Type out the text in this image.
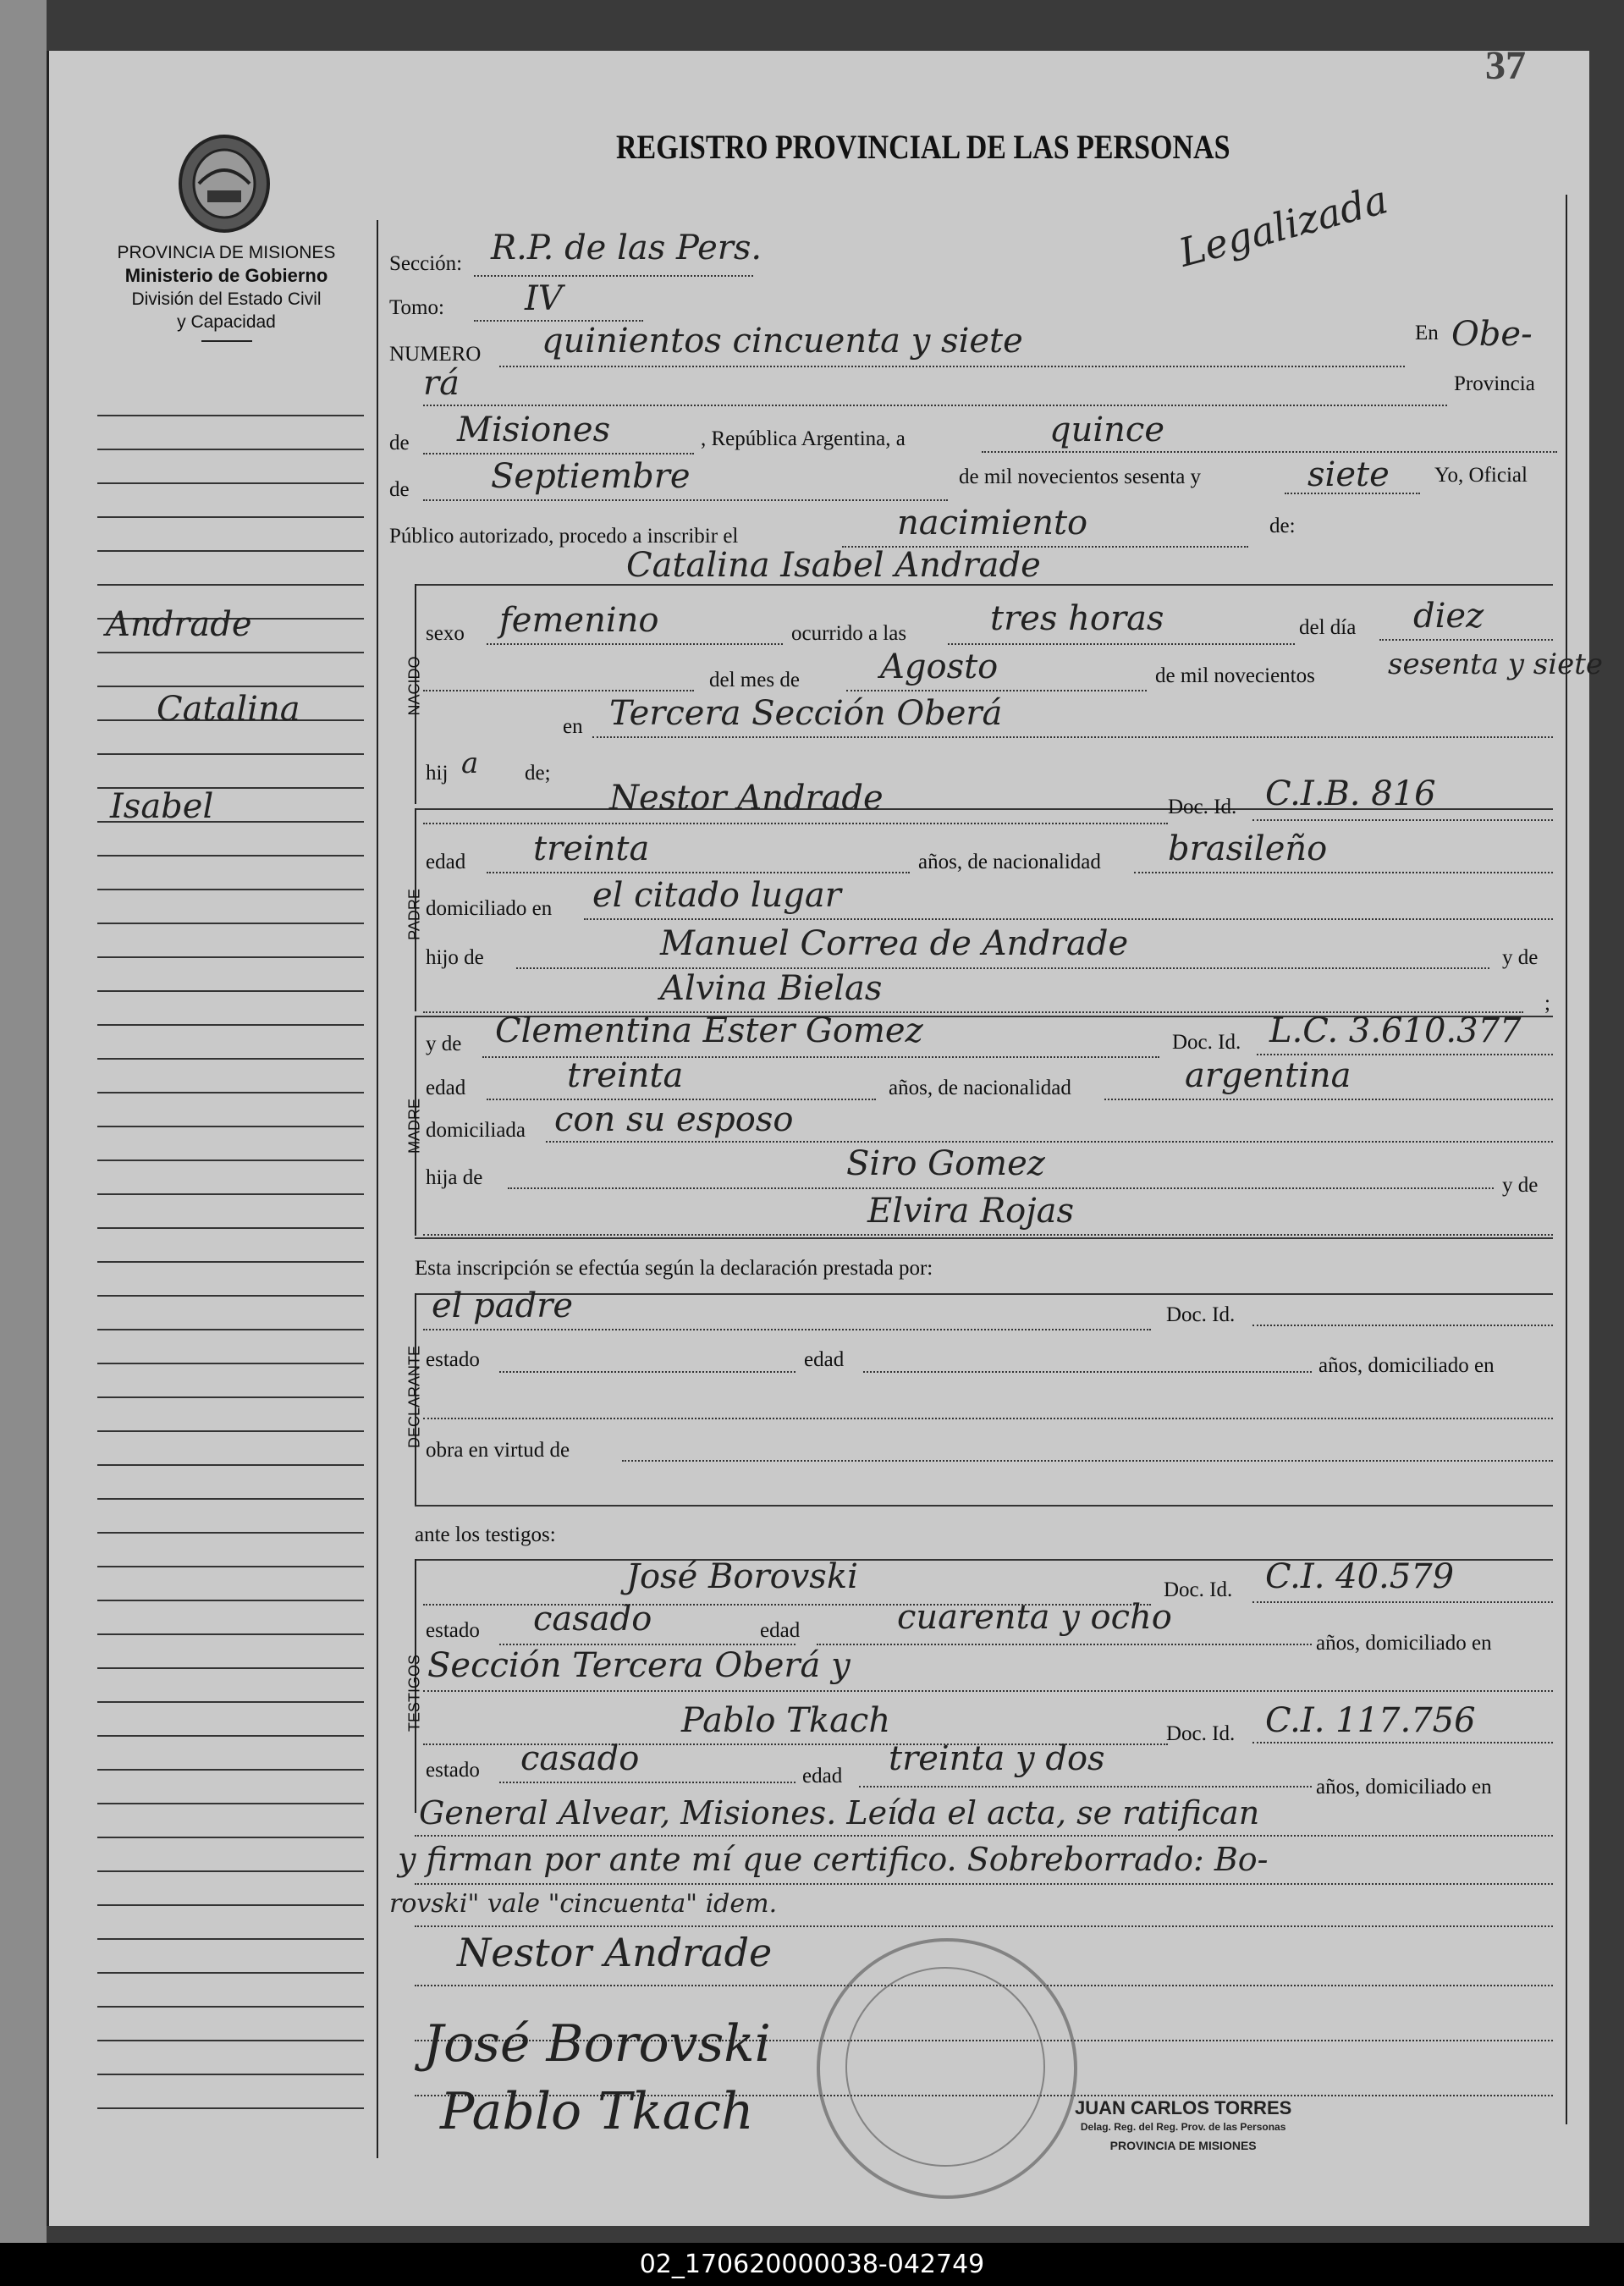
37
REGISTRO PROVINCIAL DE LAS PERSONAS
PROVINCIA DE MISIONES
Ministerio de Gobierno
División del Estado Civil
y Capacidad
Andrade
Catalina
Isabel
Sección: R.P. de las Pers.	Legalizada
Tomo: IV
NUMERO quinientos cincuenta y siete	En Obe-
rá	Provincia
de Misiones	, República Argentina, a	quince
de Septiembre	de mil novecientos sesenta y	siete Yo, Oficial
Público autorizado, procedo a inscribir el	nacimiento	de:
NACIDO
Catalina Isabel Andrade
sexo femenino	ocurrido a las tres horas	del día diez
del mes de Agosto	de mil novecientos	sesenta y siete
en Tercera Sección Oberá
hij a de;
PADRE
Nestor Andrade	Doc. Id. C.I.B. 816
edad treinta	años, de nacionalidad brasileño
domiciliado en el citado lugar
hijo de	Manuel Correa de Andrade	y de
Alvina Bielas	;
MADRE
y de Clementina Ester Gomez	Doc. Id. L.C. 3.610.377
edad	treinta	años, de nacionalidad	argentina
domiciliada con su esposo
hija de	Siro Gomez
y de
Elvira Rojas
Esta inscripción se efectúa según la declaración prestada por:
DECLARANTE
el padre	Doc. Id.
estado	edad	años, domiciliado en
obra en virtud de
ante los testigos:
TESTIGOS
José Borovski	Doc. Id. C.I. 40.579
estado casado	edad	cuarenta y ocho
años, domiciliado en
Sección Tercera Oberá y
Pablo Tkach	Doc. Id. C.I. 117.756
estado casado	edad treinta y dos
años, domiciliado en
General Alvear, Misiones. Leída el acta, se ratifican
y firman por ante mí que certifico. Sobreborrado: Bo-
rovski" vale "cincuenta" idem.
Nestor Andrade
José Borovski
Pablo Tkach	JUAN CARLOS TORRES
Delag. Reg. del Reg. Prov. de las Personas
PROVINCIA DE MISIONES
02_170620000038-042749
